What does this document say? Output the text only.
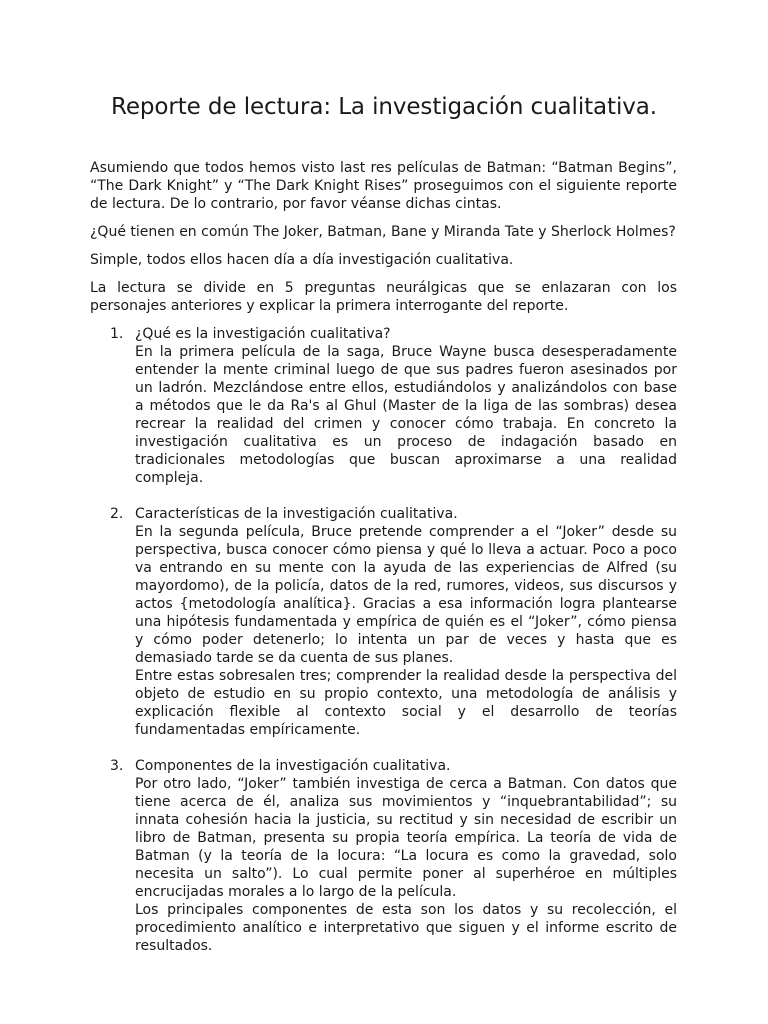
Reporte de lectura: La investigación cualitativa.

Asumiendo que todos hemos visto last res películas de Batman: “Batman Begins”, “The Dark Knight” y “The Dark Knight Rises” proseguimos con el siguiente reporte de lectura. De lo contrario, por favor véanse dichas cintas.

¿Qué tienen en común The Joker, Batman, Bane y Miranda Tate y Sherlock Holmes?

Simple, todos ellos hacen día a día investigación cualitativa.

La lectura se divide en 5 preguntas neurálgicas que se enlazaran con los personajes anteriores y explicar la primera interrogante del reporte.

1. ¿Qué es la investigación cualitativa?
En la primera película de la saga, Bruce Wayne busca desesperadamente entender la mente criminal luego de que sus padres fueron asesinados por un ladrón. Mezclándose entre ellos, estudiándolos y analizándolos con base a métodos que le da Ra's al Ghul (Master de la liga de las sombras) desea recrear la realidad del crimen y conocer cómo trabaja. En concreto la investigación cualitativa es un proceso de indagación basado en tradicionales metodologías que buscan aproximarse a una realidad compleja.
2. Características de la investigación cualitativa.
En la segunda película, Bruce pretende comprender a el “Joker” desde su perspectiva, busca conocer cómo piensa y qué lo lleva a actuar. Poco a poco va entrando en su mente con la ayuda de las experiencias de Alfred (su mayordomo), de la policía, datos de la red, rumores, videos, sus discursos y actos {metodología analítica}. Gracias a esa información logra plantearse una hipótesis fundamentada y empírica de quién es el “Joker”, cómo piensa y cómo poder detenerlo; lo intenta un par de veces y hasta que es demasiado tarde se da cuenta de sus planes.
Entre estas sobresalen tres; comprender la realidad desde la perspectiva del objeto de estudio en su propio contexto, una metodología de análisis y explicación flexible al contexto social y el desarrollo de teorías fundamentadas empíricamente.
3. Componentes de la investigación cualitativa.
Por otro lado, “Joker” también investiga de cerca a Batman. Con datos que tiene acerca de él, analiza sus movimientos y “inquebrantabilidad”; su innata cohesión hacia la justicia, su rectitud y sin necesidad de escribir un libro de Batman, presenta su propia teoría empírica. La teoría de vida de Batman (y la teoría de la locura: “La locura es como la gravedad, solo necesita un salto”). Lo cual permite poner al superhéroe en múltiples encrucijadas morales a lo largo de la película.
Los principales componentes de esta son los datos y su recolección, el procedimiento analítico e interpretativo que siguen y el informe escrito de resultados.
